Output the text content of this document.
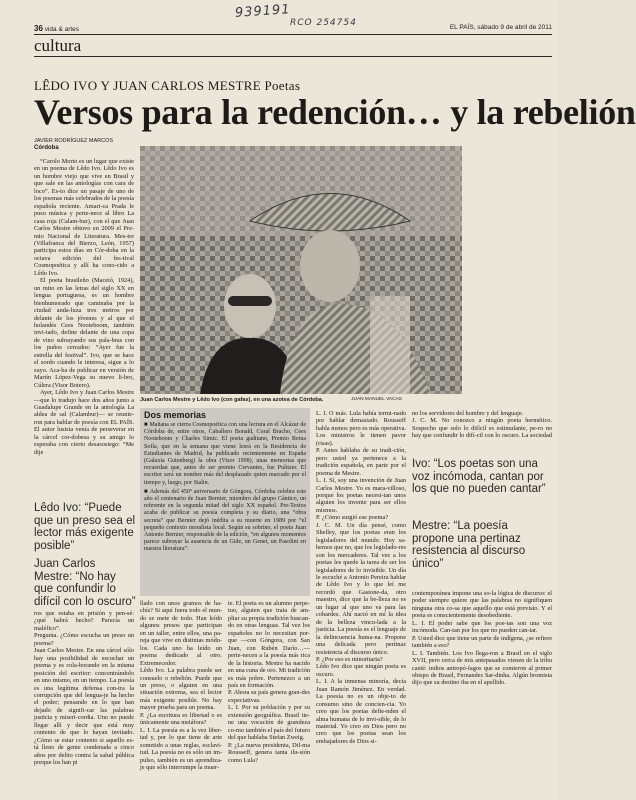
939191
RCO 254754
36 vida & artes	EL PAÍS, sábado 9 de abril de 2011
cultura
LÊDO IVO Y JUAN CARLOS MESTRE Poetas
Versos para la redención… y la rebelión
JAVIER RODRÍGUEZ MARCOS
Córdoba

“Carolo Morto es un lugar que existe en un poema de Lêdo Ivo. Lêdo Ivo es un hombre viejo que vive en Brasil y que sale en las antologías con cara de loco”. Es-to dice un pasaje de uno de los poemas más celebrados de la poesía española reciente. Amari-ca Prada le puso música y perte-nece al libro La casa roja (Calam-bur), con el que Juan Carlos Mestre obtuvo en 2009 el Pre-mio Nacional de Literatura. Mes-tre (Villafranca del Bierzo, León, 1957) participa estos días en Cór-doba en la octava edición del fes-tival Cosmopoética y allí ha cono-cido a Lêdo Ivo.

El poeta brasileño (Maceió, 1924), un mito en las letras del siglo XX en lengua portuguesa, es un hombre bienhumorado que caminaba por la ciudad anda-luza tres metros por delante de los jóvenes y al que el holandés Cees Nooteboom, también invi-tado, define delante de una copa de vino subrayando sus pala-bras con los puños cerrados: “Ayer fue la estrella del festival”. Ivo, que se hace el sordo cuando le interesa, sigue a lo suyo. Aca-ba de publicar en versión de Martín López-Vega su nuevo li-bro, Cúlera (Visor Botero).

Ayer, Lêdo Ivo y Juan Carlos Mestre —que lo tradujo hace dos años junto a Guadalupe Grande en la antología La aldea de sal (Calambur)— se reunie-ron para hablar de poesía con EL PAÍS. El autor lusista venía de perseverar en la cárcel cor-dobesa y su amigo lo esperaba con cierto desasosiego: “Me dije

Lêdo Ivo: “Puede que un preso sea el lector más exigente posible”
Juan Carlos Mestre: “No hay que confundir lo difícil con lo oscuro”
Juan Carlos Mestre y Lêdo Ivo (con gafas), en una azotea de Córdoba.	JUAN MANUEL VACAS
Dos memorias

■ Mañana se cierra Cosmopoética con una lectura en el Alcázar de Córdoba de, entre otros, Caballero Bonald, Coral Bracho, Cees Nooteboom y Charles Simic. El poeta gaditano, Premio Reina Sofía, que en la semana que viene leerá en la Residencia de Estudiantes de Madrid, ha publicado recientemente en España (Galaxia Gutenberg) la obra (Visor 1998), unas memorias que recuerdan que, antes de ser premio Cervantes, fue Pulitzer. El escritor será un nombre más del desplazado quien marcado por el tiempo y, luego, por Stalin.

■ Además del 450º aniversario de Góngora, Córdoba celebra este año el centenario de Juan Bernier, miembro del grupo Cántico, un referente en la segunda mitad del siglo XX español. Pre-Textos acaba de publicar su poesía completa y su diario, una “obra secreta” que Bernier dejó inédita a su muerte en 1989 por “el pequeño contexto moralista local. Según su sobrino, el poeta Juan Antonio Bernier, responsable de la edición, “en algunos momentos parece subrayar la ausencia de un Gide, un Genet, un Pasolini en nuestra literatura”.

ros que estaba en prisión y pen-sé: ¿qué habrá hecho? Parecía un maléfico”.
Pregunta. ¿Cómo escucha un preso un poema?
Juan Carlos Mestre. En una cárcel sólo hay una posibilidad de escuchar un poema y es cola-borando en la misma posición del escritor: concentrándolo en uno mismo, en un tiempo. La poesía es una legítima defensa con-tra la corrupción que del lengua-je ha hecho el poder; pensando en lo que han dejado de signifi-car las palabras justicia y miseri-cordia. Uno no puede llegar allí y decir que está muy contento de que lo hayan invitado. ¿Cómo se estar contento si aquello es-tá lleno de gente condenada a cinco años por delito contra la salud pública porque los han pi
llado con unos gramos de ha-chís? Si aquí fuera todo el mun-do se mete de todo. Han leído algunos presos que participan en un taller, entre ellos, una pa-reja que vive en distintas módu-los. Cada uno ha leído un poema dedicado al otro. Extremecedor.
Lêdo Ivo. La palabra puede ser consuelo o rebelión. Puede que un preso, o alguien en una situación extrema, sea el lector más exigente posible. No hay mayor prueba para un poema.
P. ¿La escritura es libertad o es únicamente una metáfora?
L. I. La poesía es a la vez liber-tad y, por lo que tiene de arte sometido a unas reglas, esclavi-tud. La poesía no es sólo un im-pulso, también es un aprendiza-je que sólo interrumpe la muer-
te. El poeta es un alumno perpe-tuo, alguien que trata de am-pliar su propia tradición buscan-do en otras lenguas. Tal vez los españoles no lo necesitan por-que —con Góngora, con San Juan, con Rubén Darío…— perte-necen a la poesía más rica de la historia. Mestre ha nacido en una cuna de oro. Mi tradición es más pobre. Pertenezco a un país en formación.
P. Ahora su país genera gran-des expectativas.
L. I. Por su población y por su extensión geográfica. Brasil tie-ne una vocación de grandeza co-mo también el país del futuro del que hablaba Stefan Zweig.
P. ¿La nueva presidenta, Dil-ma Rousseff, genera tanta ilu-sión como Lula?
L. I. O más. Lula había termi-nado por hablar demasiado. Rousseff habla menos pero es más operativa. Los ministros le tienen pavor (risas).
P. Antes hablaba de su tradi-ción, pero usted ya pertenece a la tradición española, en parte por el poema de Mestre.
L. I. Sí, soy una invención de Juan Carlos Mestre. Yo es mara-villoso, porque los poetas necesi-tan unos alguien los invente para ser ellos mismos.
P. ¿Cómo surgió ese poema?
J. C. M. Un día pensé, como Shelley, que los poetas eran los legisladores del mundo. Hoy sa-bemos que no, que los legislado-res son los mercaderes. Tal vez a los poetas les quede la tarea de ser los legisladores de lo invisible. Un día le escuché a Antonio Pereira hablar de Lêdo Ivo y lo que leí me recordó que Gastone-da, otro maestro, dice que la be-lleza no es un lugar al que uno va para las cobardes. Ahí nació en mí la idea de la belleza vincu-lada a la justicia. La poesía es el lenguaje de la delincuencia huma-na. Propone una delicada pero pertinaz resistencia al discurso único.
P. ¿Por eso es minoritaria?
Lêdo Ivo dice que ningún poeta es oscuro.
L. I. A la inmensa minoría, decía Juan Ramón Jiménez. En verdad. La poesía no es un obje-to de consumo sino de concien-cia. Yo creo que los poetas defie-nden el alma humana de lo invi-sible, de lo material. Yo creo en Dios pero no creo que los poetas sean los embajadores de Dios si-
no los servidores del hombre y del lenguaje.
J. C. M. No conozco a ningún poeta hermético. Sospecho que solo lo difícil es estimulante, pe-ro no hay que confundir lo difí-cil con lo oscuro. La sociedad
Ivo: “Los poetas son una voz incómoda, cantan por los que no pueden cantar”
Mestre: “La poesía propone una pertinaz resistencia al discurso único”
contemporánea impone una so-la lógica de discurso: el poder siempre quiere que las palabras no signifiquen ninguna otra co-sa que aquello que está previsto. Y el poeta es conscientemente desobediente.
L. I. El poder sabe que los poe-tas son una voz incómoda. Can-tan por los que no pueden can-tar.
P. Usted dice que tiene un parte de indígena, ¿se refiere también a eso?
L. I. También. Los Ivo llega-ron a Brasil en el siglo XVII, pero cerca de mis antepasados vienen de la tribu caeté: indios antropó-fagos que se comieron al primer obispo de Brasil, Fernandes Sar-dinha. Algún bromista dijo que su destino iba en el apellido.
